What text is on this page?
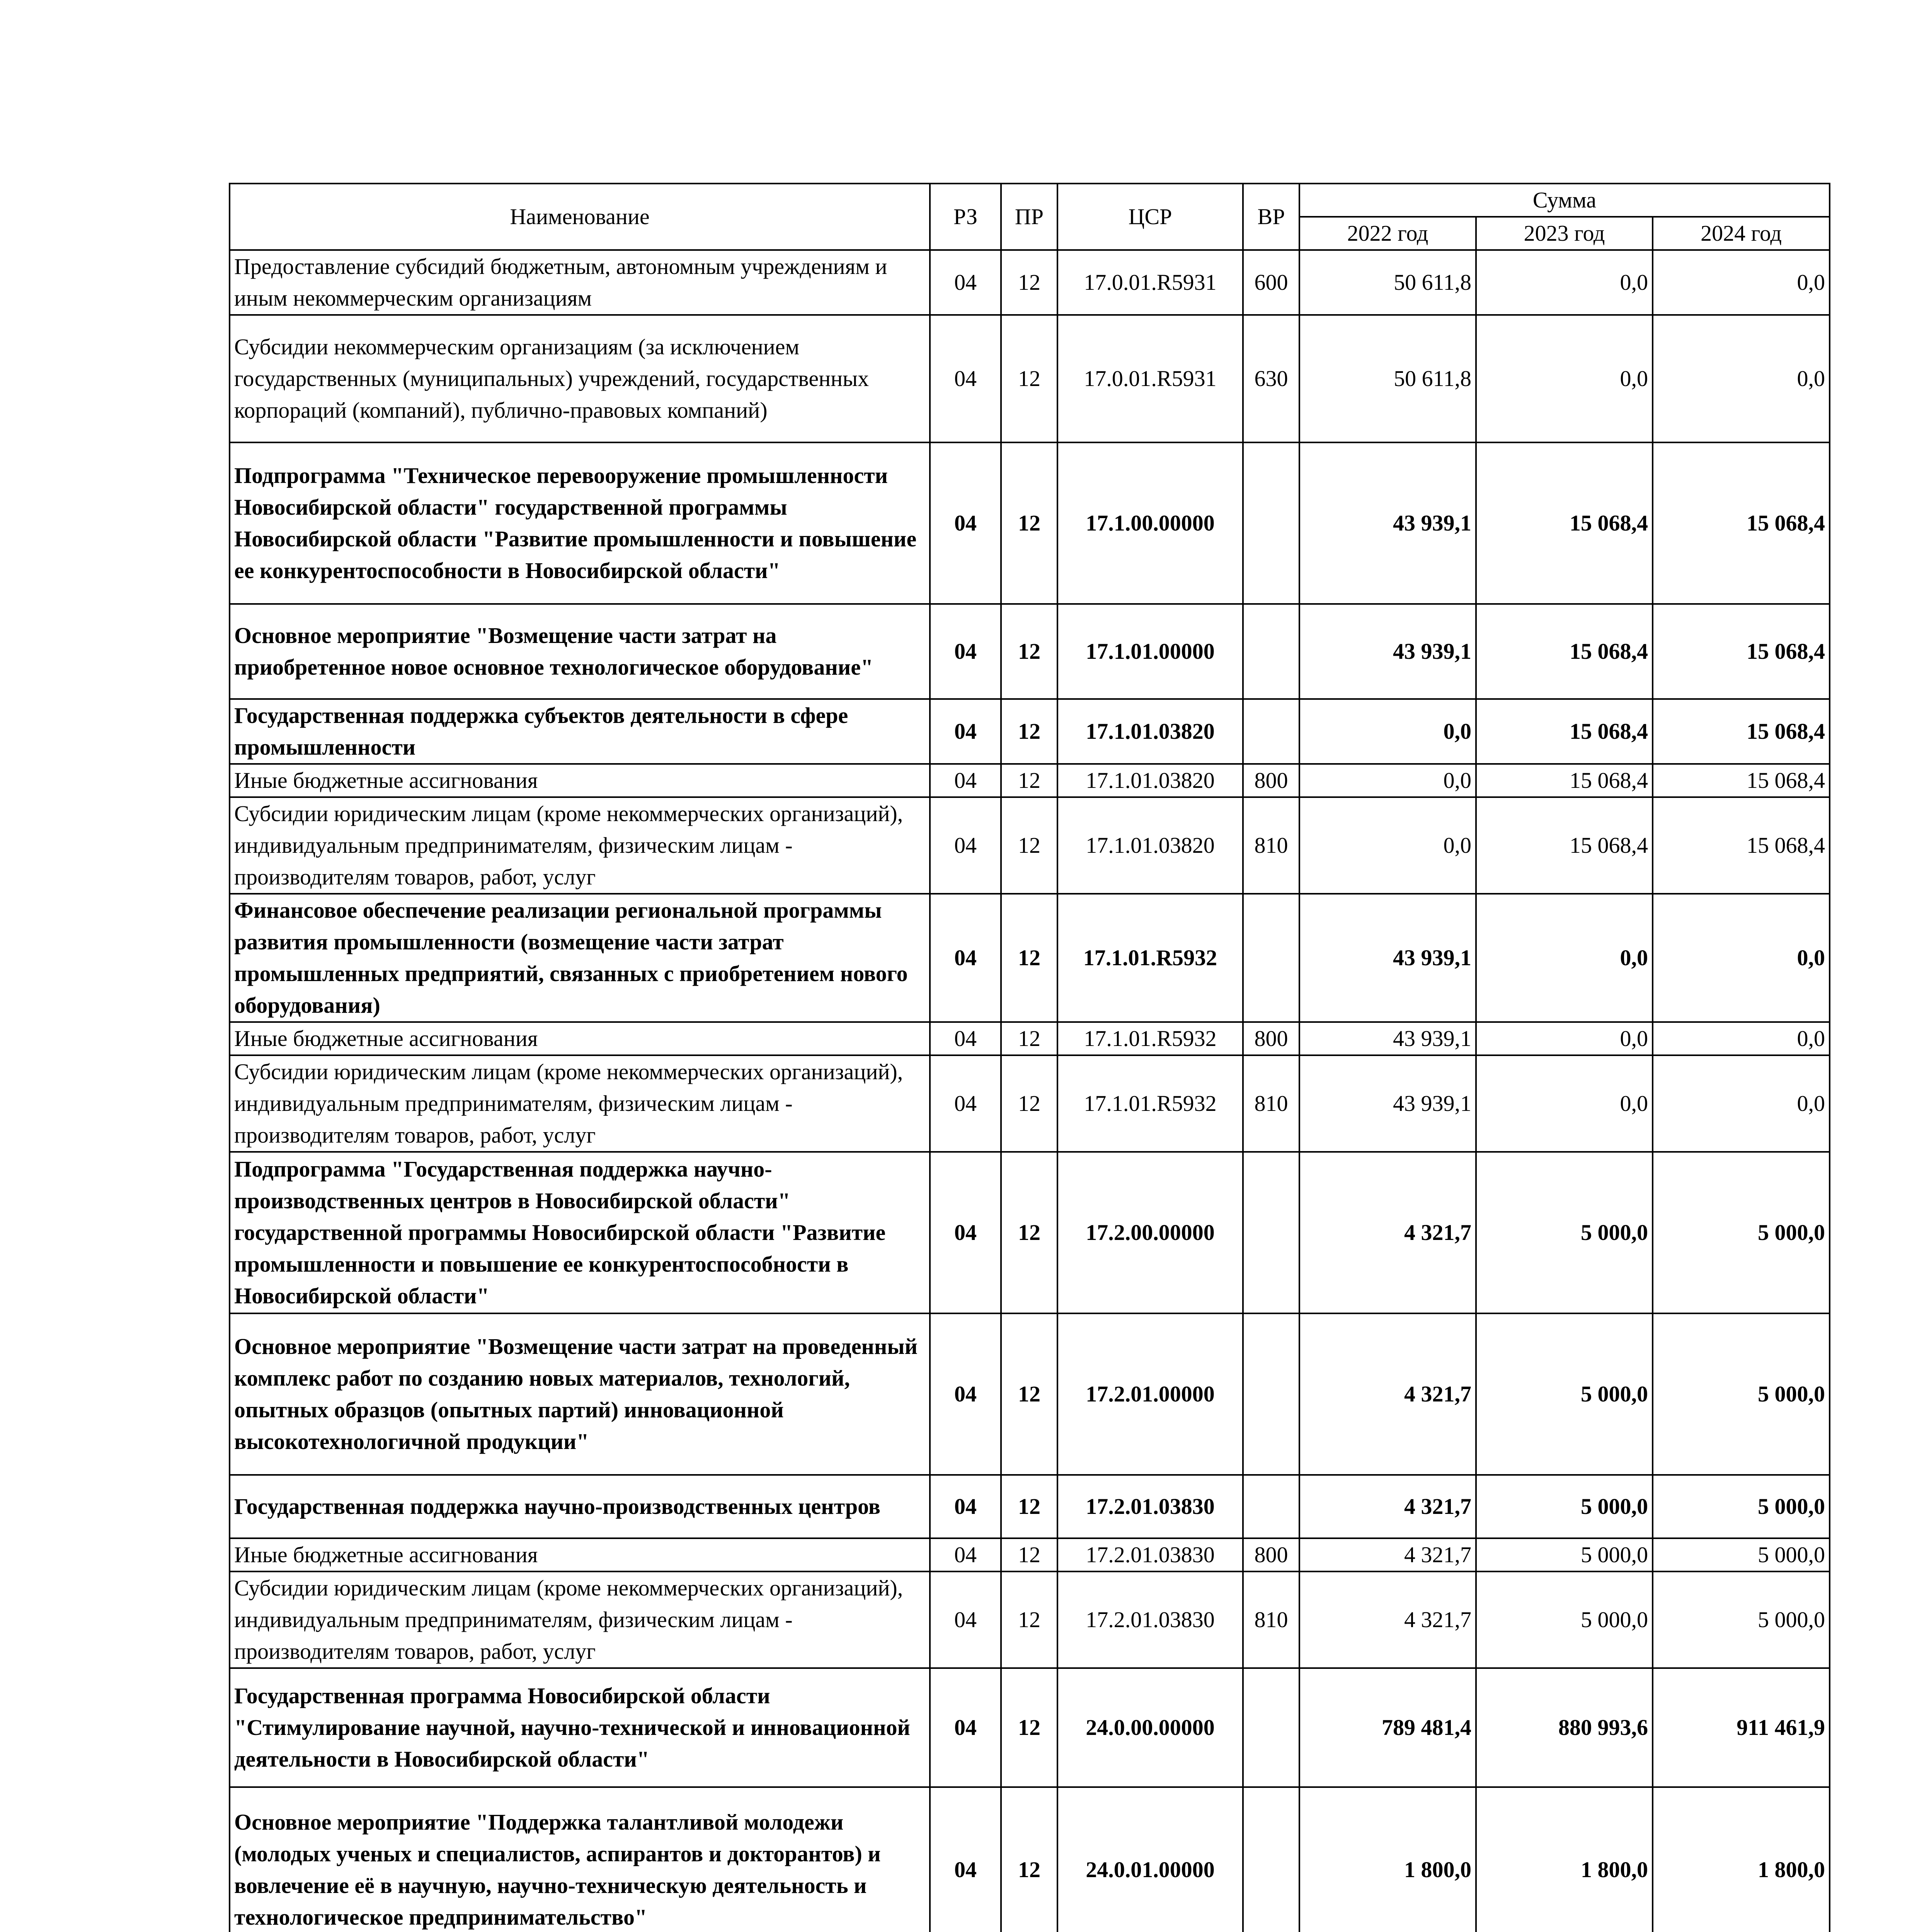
Наименование	РЗ	ПР	ЦСР	ВР	Сумма		
					2022 год	2023 год	2024 год
Предоставление субсидий бюджетным, автономным учреждениям и иным некоммерческим организациям	04	12	17.0.01.R5931	600	50 611,8	0,0	0,0
Субсидии некоммерческим организациям (за исключением государственных (муниципальных) учреждений, государственных корпораций (компаний), публично-правовых компаний)	04	12	17.0.01.R5931	630	50 611,8	0,0	0,0
Подпрограмма "Техническое перевооружение промышленности Новосибирской области" государственной программы Новосибирской области "Развитие промышленности и повышение ее конкурентоспособности в Новосибирской области"	04	12	17.1.00.00000		43 939,1	15 068,4	15 068,4
Основное мероприятие "Возмещение части затрат на приобретенное новое основное технологическое оборудование"	04	12	17.1.01.00000		43 939,1	15 068,4	15 068,4
Государственная поддержка субъектов деятельности в сфере промышленности	04	12	17.1.01.03820		0,0	15 068,4	15 068,4
Иные бюджетные ассигнования	04	12	17.1.01.03820	800	0,0	15 068,4	15 068,4
Субсидии юридическим лицам (кроме некоммерческих организаций), индивидуальным предпринимателям, физическим лицам - производителям товаров, работ, услуг	04	12	17.1.01.03820	810	0,0	15 068,4	15 068,4
Финансовое обеспечение реализации региональной программы развития промышленности (возмещение части затрат промышленных предприятий, связанных с приобретением нового оборудования)	04	12	17.1.01.R5932		43 939,1	0,0	0,0
Иные бюджетные ассигнования	04	12	17.1.01.R5932	800	43 939,1	0,0	0,0
Субсидии юридическим лицам (кроме некоммерческих организаций), индивидуальным предпринимателям, физическим лицам - производителям товаров, работ, услуг	04	12	17.1.01.R5932	810	43 939,1	0,0	0,0
Подпрограмма "Государственная поддержка научно-производственных центров в Новосибирской области" государственной программы Новосибирской области "Развитие промышленности и повышение ее конкурентоспособности в Новосибирской области"	04	12	17.2.00.00000		4 321,7	5 000,0	5 000,0
Основное мероприятие "Возмещение части затрат на проведенный комплекс работ по созданию новых материалов, технологий, опытных образцов (опытных партий) инновационной высокотехнологичной продукции"	04	12	17.2.01.00000		4 321,7	5 000,0	5 000,0
Государственная поддержка научно-производственных центров	04	12	17.2.01.03830		4 321,7	5 000,0	5 000,0
Иные бюджетные ассигнования	04	12	17.2.01.03830	800	4 321,7	5 000,0	5 000,0
Субсидии юридическим лицам (кроме некоммерческих организаций), индивидуальным предпринимателям, физическим лицам - производителям товаров, работ, услуг	04	12	17.2.01.03830	810	4 321,7	5 000,0	5 000,0
Государственная программа Новосибирской области "Стимулирование научной, научно-технической и инновационной деятельности в Новосибирской области"	04	12	24.0.00.00000		789 481,4	880 993,6	911 461,9
Основное мероприятие "Поддержка талантливой молодежи (молодых ученых и специалистов, аспирантов и докторантов) и вовлечение её в научную, научно-техническую деятельность и технологическое предпринимательство"	04	12	24.0.01.00000		1 800,0	1 800,0	1 800,0
